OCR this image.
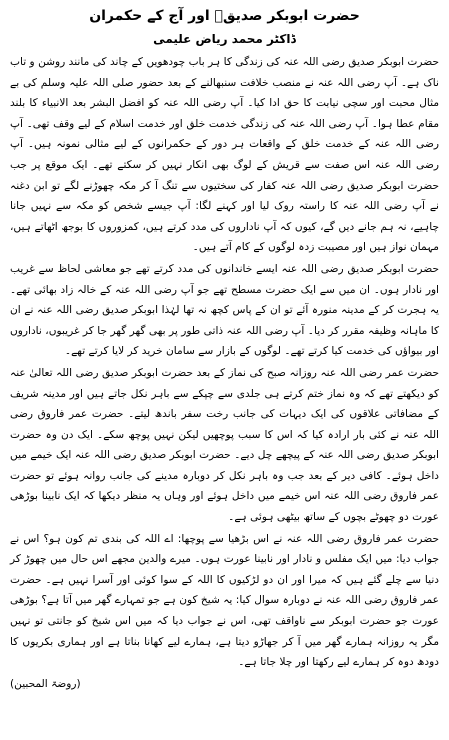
حضرت ابوبکر صدیقؓ اور آج کے حکمران
ڈاکٹر محمد ریاض علیمی

حضرت ابوبکر صدیق رضی اللہ عنہ کی زندگی کا ہر باب چودھویں کے چاند کی مانند روشن و تاب ناک ہے۔ آپ رضی اللہ عنہ نے منصب خلافت سنبھالنے کے بعد حضور صلی اللہ علیہ وسلم کی بے مثال محبت اور سچی نیابت کا حق ادا کیا۔ آپ رضی اللہ عنہ کو افضل البشر بعد الانبیاء کا بلند مقام عطا ہوا۔ آپ رضی اللہ عنہ کی زندگی خدمت خلق اور خدمت اسلام کے لیے وقف تھی۔ آپ رضی اللہ عنہ کے خدمت خلق کے واقعات ہر دور کے حکمرانوں کے لیے مثالی نمونہ ہیں۔ آپ رضی اللہ عنہ اس صفت سے قریش کے لوگ بھی انکار نہیں کر سکتے تھے۔ ایک موقع پر جب حضرت ابوبکر صدیق رضی اللہ عنہ کفار کی سختیوں سے تنگ آ کر مکہ چھوڑنے لگے تو ابن دغنہ نے آپ رضی اللہ عنہ کا راستہ روک لیا اور کہنے لگا: آپ جیسے شخص کو مکہ سے نہیں جانا چاہیے، نہ ہم جانے دیں گے، کیوں کہ آپ ناداروں کی مدد کرتے ہیں، کمزوروں کا بوجھ اٹھاتے ہیں، مہمان نواز ہیں اور مصیبت زدہ لوگوں کے کام آتے ہیں۔

حضرت ابوبکر صدیق رضی اللہ عنہ ایسے خاندانوں کی مدد کرتے تھے جو معاشی لحاظ سے غریب اور نادار ہوں۔ ان میں سے ایک حضرت مسطح تھے جو آپ رضی اللہ عنہ کے خالہ زاد بھائی تھے۔ یہ ہجرت کر کے مدینہ منورہ آئے تو ان کے پاس کچھ نہ تھا لہٰذا ابوبکر صدیق رضی اللہ عنہ نے ان کا ماہانہ وظیفہ مقرر کر دیا۔ آپ رضی اللہ عنہ ذاتی طور پر بھی گھر گھر جا کر غریبوں، ناداروں اور بیواؤں کی خدمت کیا کرتے تھے۔ لوگوں کے بازار سے سامان خرید کر لایا کرتے تھے۔

حضرت عمر رضی اللہ عنہ روزانہ صبح کی نماز کے بعد حضرت ابوبکر صدیق رضی اللہ تعالیٰ عنہ کو دیکھتے تھے کہ وہ نماز ختم کرتے ہی جلدی سے چپکے سے باہر نکل جاتے ہیں اور مدینہ شریف کے مضافاتی علاقوں کی ایک دیہات کی جانب رخت سفر باندھ لیتے۔ حضرت عمر فاروق رضی اللہ عنہ نے کئی بار ارادہ کیا کہ اس کا سبب پوچھیں لیکن نہیں پوچھ سکے۔ ایک دن وہ حضرت ابوبکر صدیق رضی اللہ عنہ کے پیچھے چل دیے۔ حضرت ابوبکر صدیق رضی اللہ عنہ ایک خیمے میں داخل ہوئے۔ کافی دیر کے بعد جب وہ باہر نکل کر دوبارہ مدینے کی جانب روانہ ہوئے تو حضرت عمر فاروق رضی اللہ عنہ اس خیمے میں داخل ہوئے اور وہاں یہ منظر دیکھا کہ ایک نابینا بوڑھی عورت دو چھوٹے بچوں کے ساتھ بیٹھی ہوئی ہے۔

حضرت عمر فاروق رضی اللہ عنہ نے اس بڑھیا سے پوچھا: اے اللہ کی بندی تم کون ہو؟ اس نے جواب دیا: میں ایک مفلس و نادار اور نابینا عورت ہوں۔ میرے والدین مجھے اس حال میں چھوڑ کر دنیا سے چلے گئے ہیں کہ میرا اور ان دو لڑکیوں کا اللہ کے سوا کوئی اور آسرا نہیں ہے۔ حضرت عمر فاروق رضی اللہ عنہ نے دوبارہ سوال کیا: یہ شیخ کون ہے جو تمہارے گھر میں آتا ہے؟ بوڑھی عورت جو حضرت ابوبکر سے ناواقف تھی، اس نے جواب دیا کہ میں اس شیخ کو جانتی تو نہیں مگر یہ روزانہ ہمارے گھر میں آ کر جھاڑو دیتا ہے، ہمارے لیے کھانا بناتا ہے اور ہماری بکریوں کا دودھ دوہ کر ہمارے لیے رکھتا اور چلا جاتا ہے۔

(روضۃ المحبین)
